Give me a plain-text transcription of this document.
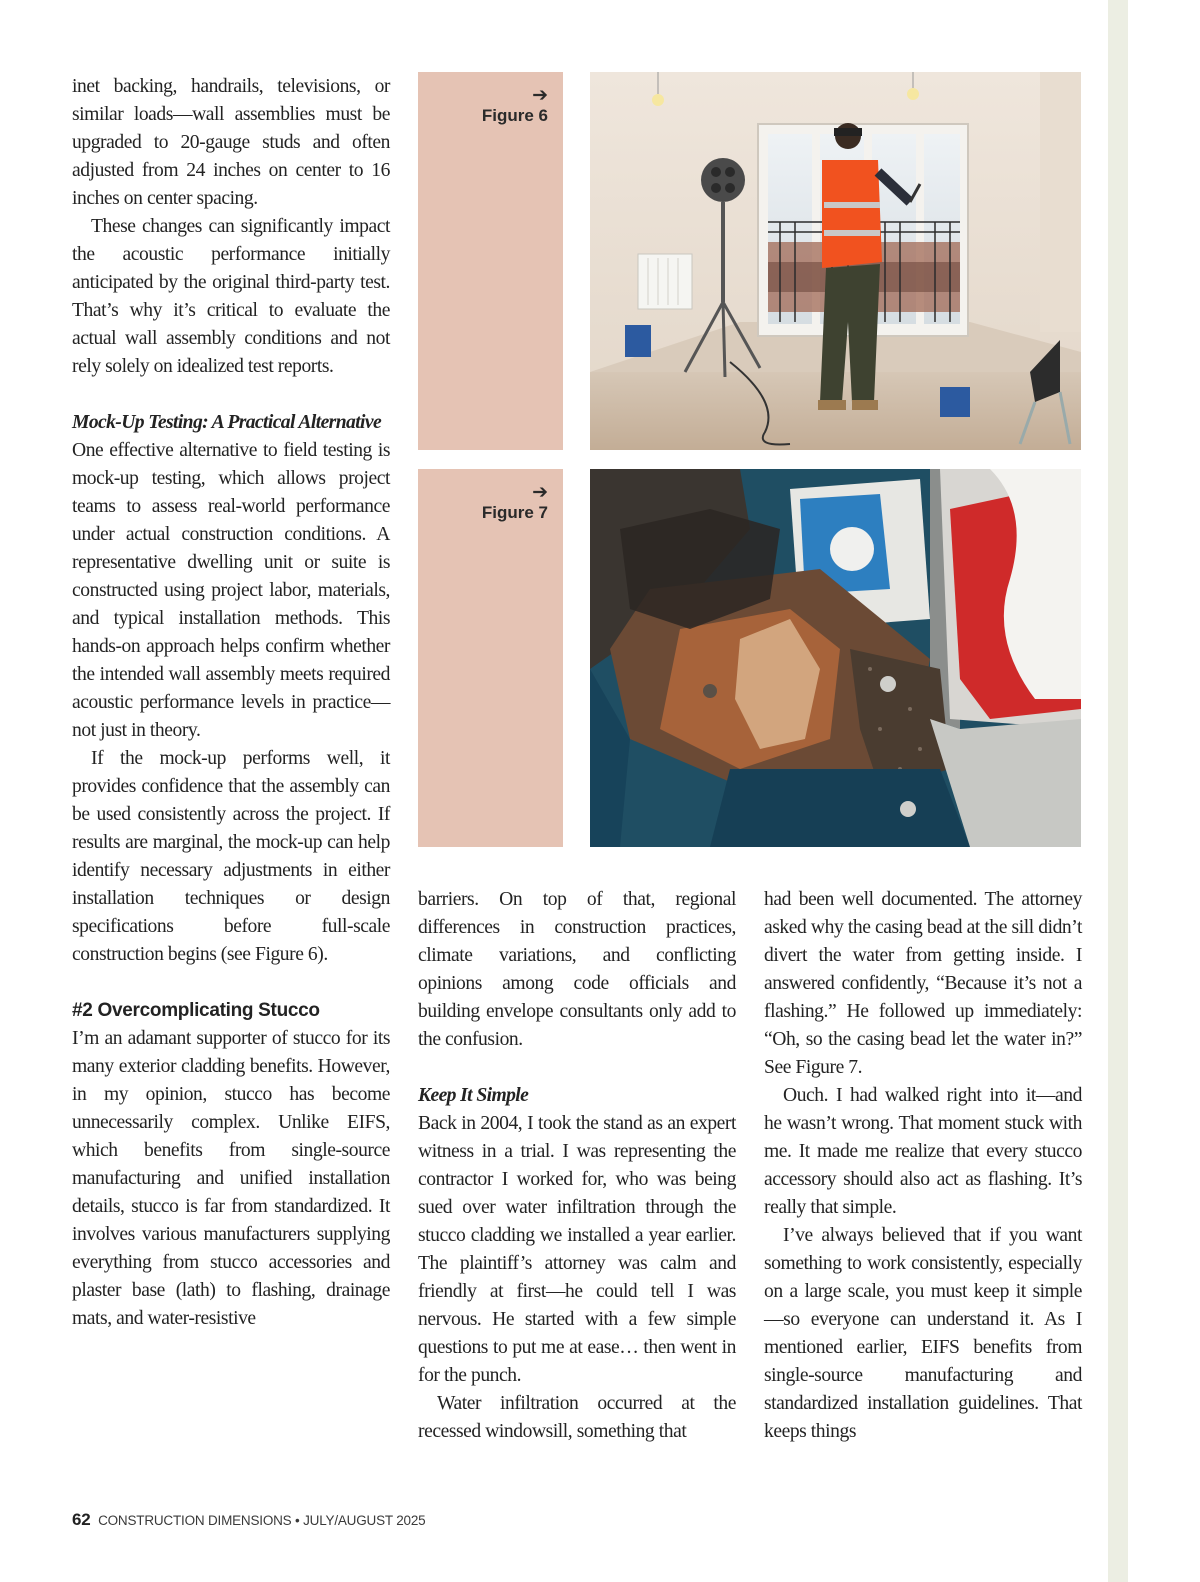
inet backing, handrails, televisions, or similar loads—wall assemblies must be upgraded to 20-gauge studs and often adjusted from 24 inches on center to 16 inches on center spacing.

These changes can significantly impact the acoustic performance initially anticipated by the original third-party test. That’s why it’s critical to evaluate the actual wall assembly conditions and not rely solely on idealized test reports.

Mock-Up Testing: A Practical Alternative

One effective alternative to field testing is mock-up testing, which allows project teams to assess real-world performance under actual construction conditions. A representative dwelling unit or suite is constructed using project labor, materials, and typical installation methods. This hands-on approach helps confirm whether the intended wall assembly meets required acoustic performance levels in practice—not just in theory.

If the mock-up performs well, it provides confidence that the assembly can be used consistently across the project. If results are marginal, the mock-up can help identify necessary adjustments in either installation techniques or design specifications before full-scale construction begins (see Figure 6).

#2 Overcomplicating Stucco

I’m an adamant supporter of stucco for its many exterior cladding benefits. However, in my opinion, stucco has become unnecessarily complex. Unlike EIFS, which benefits from single-source manufacturing and unified installation details, stucco is far from standardized. It involves various manufacturers supplying everything from stucco accessories and plaster base (lath) to flashing, drainage mats, and water-resistive

➔
Figure 6
➔
Figure 7

barriers. On top of that, regional differences in construction practices, climate variations, and conflicting opinions among code officials and building envelope consultants only add to the confusion.

Keep It Simple

Back in 2004, I took the stand as an expert witness in a trial. I was representing the contractor I worked for, who was being sued over water infiltration through the stucco cladding we installed a year earlier. The plaintiff’s attorney was calm and friendly at first—he could tell I was nervous. He started with a few simple questions to put me at ease… then went in for the punch.

Water infiltration occurred at the recessed windowsill, something that

had been well documented. The attorney asked why the casing bead at the sill didn’t divert the water from getting inside. I answered confidently, “Because it’s not a flashing.” He followed up immediately: “Oh, so the casing bead let the water in?” See Figure 7.

Ouch. I had walked right into it—and he wasn’t wrong. That moment stuck with me. It made me realize that every stucco accessory should also act as flashing. It’s really that simple.

I’ve always believed that if you want something to work consistently, especially on a large scale, you must keep it simple—so everyone can understand it. As I mentioned earlier, EIFS benefits from single-source manufacturing and standardized installation guidelines. That keeps things

62 CONSTRUCTION DIMENSIONS • JULY/AUGUST 2025
